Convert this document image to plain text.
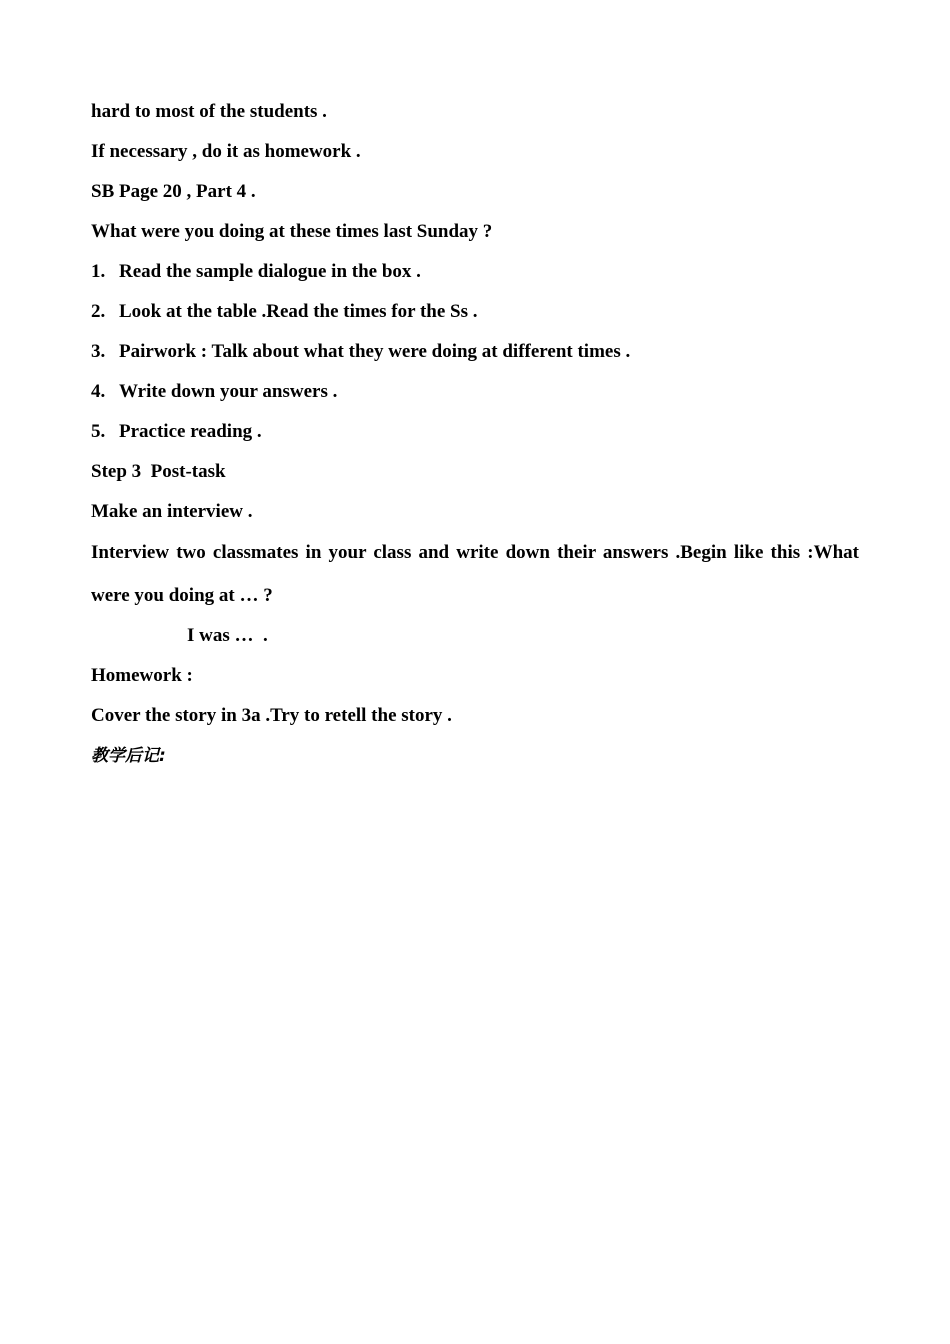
hard to most of the students .
If necessary , do it as homework .
SB Page 20 , Part 4 .
What were you doing at these times last Sunday ?
1. Read the sample dialogue in the box .
2. Look at the table .Read the times for the Ss .
3. Pairwork : Talk about what they were doing at different times .
4. Write down your answers .
5. Practice reading .
Step 3  Post-task
Make an interview .
Interview two classmates in your class and write down their answers .Begin like this :What were you doing at … ?
I was …  .
Homework :
Cover the story in 3a .Try to retell the story .
教学后记:
